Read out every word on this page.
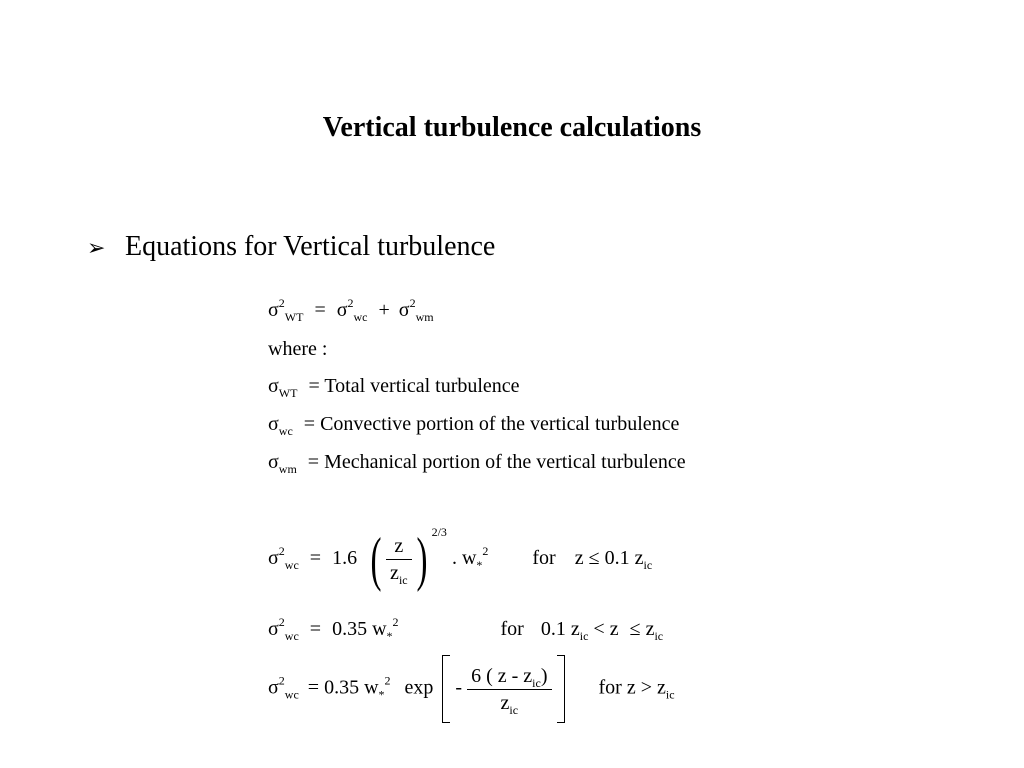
Vertical turbulence calculations
➢ Equations for Vertical turbulence
$\sigma^2_{WT} = \sigma^2_{wc} + \sigma^2_{wm}$
where :
$\sigma_{WT}$ = Total vertical turbulence
$\sigma_{wc}$ = Convective portion of the vertical turbulence
$\sigma_{wm}$ = Mechanical portion of the vertical turbulence
$\sigma^2_{wc} = 1.6$ ( $\frac{z}{z_{ic}}$ ) 2/3 . $w_*^2$ for z ≤ 0.1 $z_{ic}$
$\sigma^2_{wc} = 0.35$ $w_*^2$	for 0.1 $z_{ic} < z \le z_{ic}$
$\sigma^2_{wc} = 0.35$ $w_*^2$ exp - $\frac{6 ( z - z_{ic})}{z_{ic}}$ for $z > z_{ic}$
